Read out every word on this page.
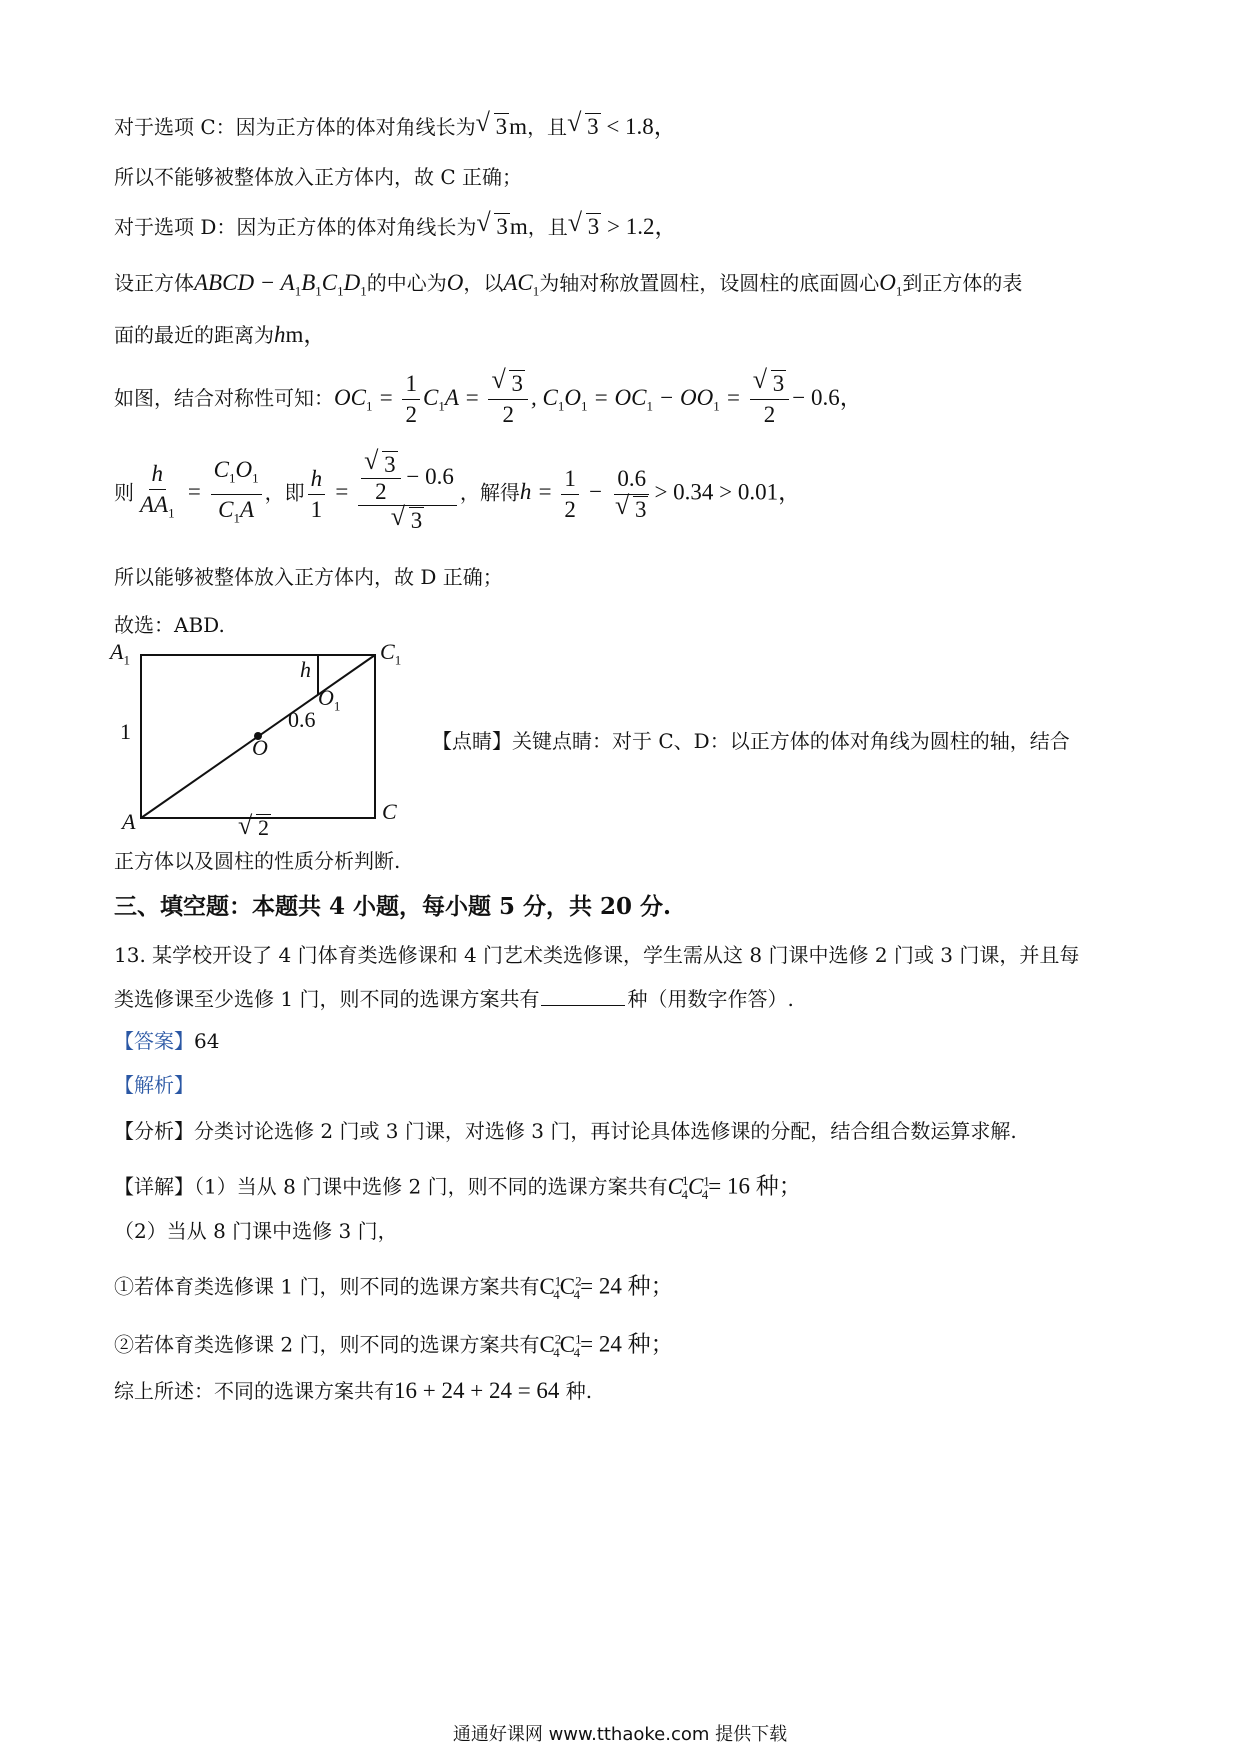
对于选项 C：因为正方体的体对角线长为 √ 3m，且 √ 3 < 1.8，
所以不能够被整体放入正方体内，故 C 正确；
对于选项 D：因为正方体的体对角线长为 √ 3m，且 √ 3 > 1.2，
设正方体ABCD − $A_1B_1C_1D_1$的中心为O，以$AC_1$为轴对称放置圆柱，设圆柱的底面圆心$O_1$到正方体的表
面的最近的距离为hm，
如图，结合对称性可知：$OC_1 = \frac{1}{2} C_1A = \frac{√ 3}{2}$ , $C_1O_1 = OC_1 - OO_1 = \frac{√ 3}{2} - 0.6$，
则 $\frac{h}{AA_1} = \frac{C_1O_1}{C_1A}$ ，即 $\frac{h}{1} = \frac{\frac{√ 3}{2} - 0.6}{√ 3}$ ，解得$h = \frac{1}{2} - \frac{0.6}{√ 3} > 0.34 > 0.01$，
所以能够被整体放入正方体内，故 D 正确；
故选：ABD.
$A_1$	$C_1$
h
$O_1$
0.6
O
1
A	C
√ 2
【点睛】关键点睛：对于 C、D：以正方体的体对角线为圆柱的轴，结合
正方体以及圆柱的性质分析判断.
三、填空题：本题共 4 小题，每小题 5 分，共 20 分.
13. 某学校开设了 4 门体育类选修课和 4 门艺术类选修课，学生需从这 8 门课中选修 2 门或 3 门课，并且每
类选修课至少选修 1 门，则不同的选课方案共有	种（用数字作答）.
【答案】64
【解析】
【分析】分类讨论选修 2 门或 3 门课，对选修 3 门，再讨论具体选修课的分配，结合组合数运算求解.
【详解】（1）当从 8 门课中选修 2 门，则不同的选课方案共有$C^1_4C^1_4= 16$ 种；
（2）当从 8 门课中选修 3 门，
①若体育类选修课 1 门，则不同的选课方案共有$C^1_4C^2_4= 24$ 种；
②若体育类选修课 2 门，则不同的选课方案共有$C^2_4C^1_4= 24$ 种；
综上所述：不同的选课方案共有16 + 24 + 24 = 64 种.
通通好课网 www.tthaoke.com 提供下载
